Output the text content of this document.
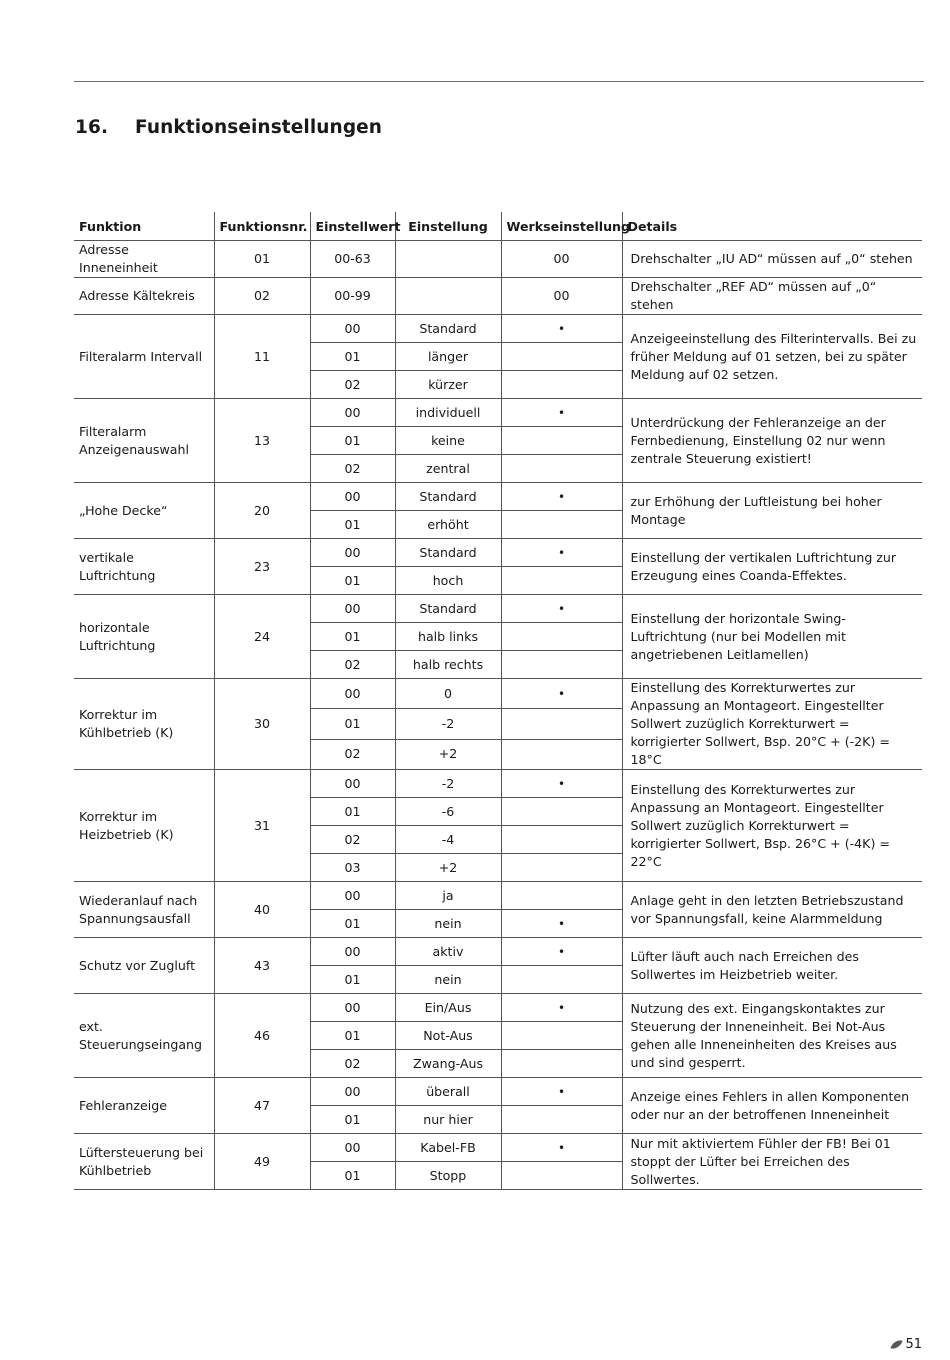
16. Funktionseinstellungen
Funktion	Funktionsnr.	Einstellwert	Einstellung	Werkseinstellung	Details
Adresse Inneneinheit	01	00-63		00	Drehschalter „IU AD“ müssen auf „0“ stehen
Adresse Kältekreis	02	00-99		00	Drehschalter „REF AD“ müssen auf „0“ stehen
Filteralarm Intervall	11	00	Standard	•	Anzeigeeinstellung des Filterintervalls. Bei zu früher Meldung auf 01 setzen, bei zu später Meldung auf 02 setzen.
		01	länger		
		02	kürzer		
Filteralarm Anzeigenauswahl	13	00	individuell	•	Unterdrückung der Fehleranzeige an der Fernbedienung, Einstellung 02 nur wenn zentrale Steuerung existiert!
		01	keine		
		02	zentral		
„Hohe Decke“	20	00	Standard	•	zur Erhöhung der Luftleistung bei hoher Montage
		01	erhöht		
vertikale Luftrichtung	23	00	Standard	•	Einstellung der vertikalen Luftrichtung zur Erzeugung eines Coanda-Effektes.
		01	hoch		
horizontale Luftrichtung	24	00	Standard	•	Einstellung der horizontale Swing-Luftrichtung (nur bei Modellen mit angetriebenen Leitlamellen)
		01	halb links		
		02	halb rechts		
Korrektur im Kühlbetrieb (K)	30	00	0	•	Einstellung des Korrekturwertes zur Anpassung an Montageort. Eingestellter Sollwert zuzüglich Korrekturwert = korrigierter Sollwert, Bsp. 20°C + (-2K) = 18°C
		01	-2		
		02	+2		
Korrektur im Heizbetrieb (K)	31	00	-2	•	Einstellung des Korrekturwertes zur Anpassung an Montageort. Eingestellter Sollwert zuzüglich Korrekturwert = korrigierter Sollwert, Bsp. 26°C + (-4K) = 22°C
		01	-6		
		02	-4		
		03	+2		
Wiederanlauf nach Spannungsausfall	40	00	ja		Anlage geht in den letzten Betriebszustand vor Spannungsfall, keine Alarmmeldung
		01	nein	•	
Schutz vor Zugluft	43	00	aktiv	•	Lüfter läuft auch nach Erreichen des Sollwertes im Heizbetrieb weiter.
		01	nein		
ext. Steuerungseingang	46	00	Ein/Aus	•	Nutzung des ext. Eingangskontaktes zur Steuerung der Inneneinheit. Bei Not-Aus gehen alle Inneneinheiten des Kreises aus und sind gesperrt.
		01	Not-Aus		
		02	Zwang-Aus		
Fehleranzeige	47	00	überall	•	Anzeige eines Fehlers in allen Komponenten oder nur an der betroffenen Inneneinheit
		01	nur hier		
Lüftersteuerung bei Kühlbetrieb	49	00	Kabel-FB	•	Nur mit aktiviertem Fühler der FB! Bei 01 stoppt der Lüfter bei Erreichen des Sollwertes.
		01	Stopp		
51
